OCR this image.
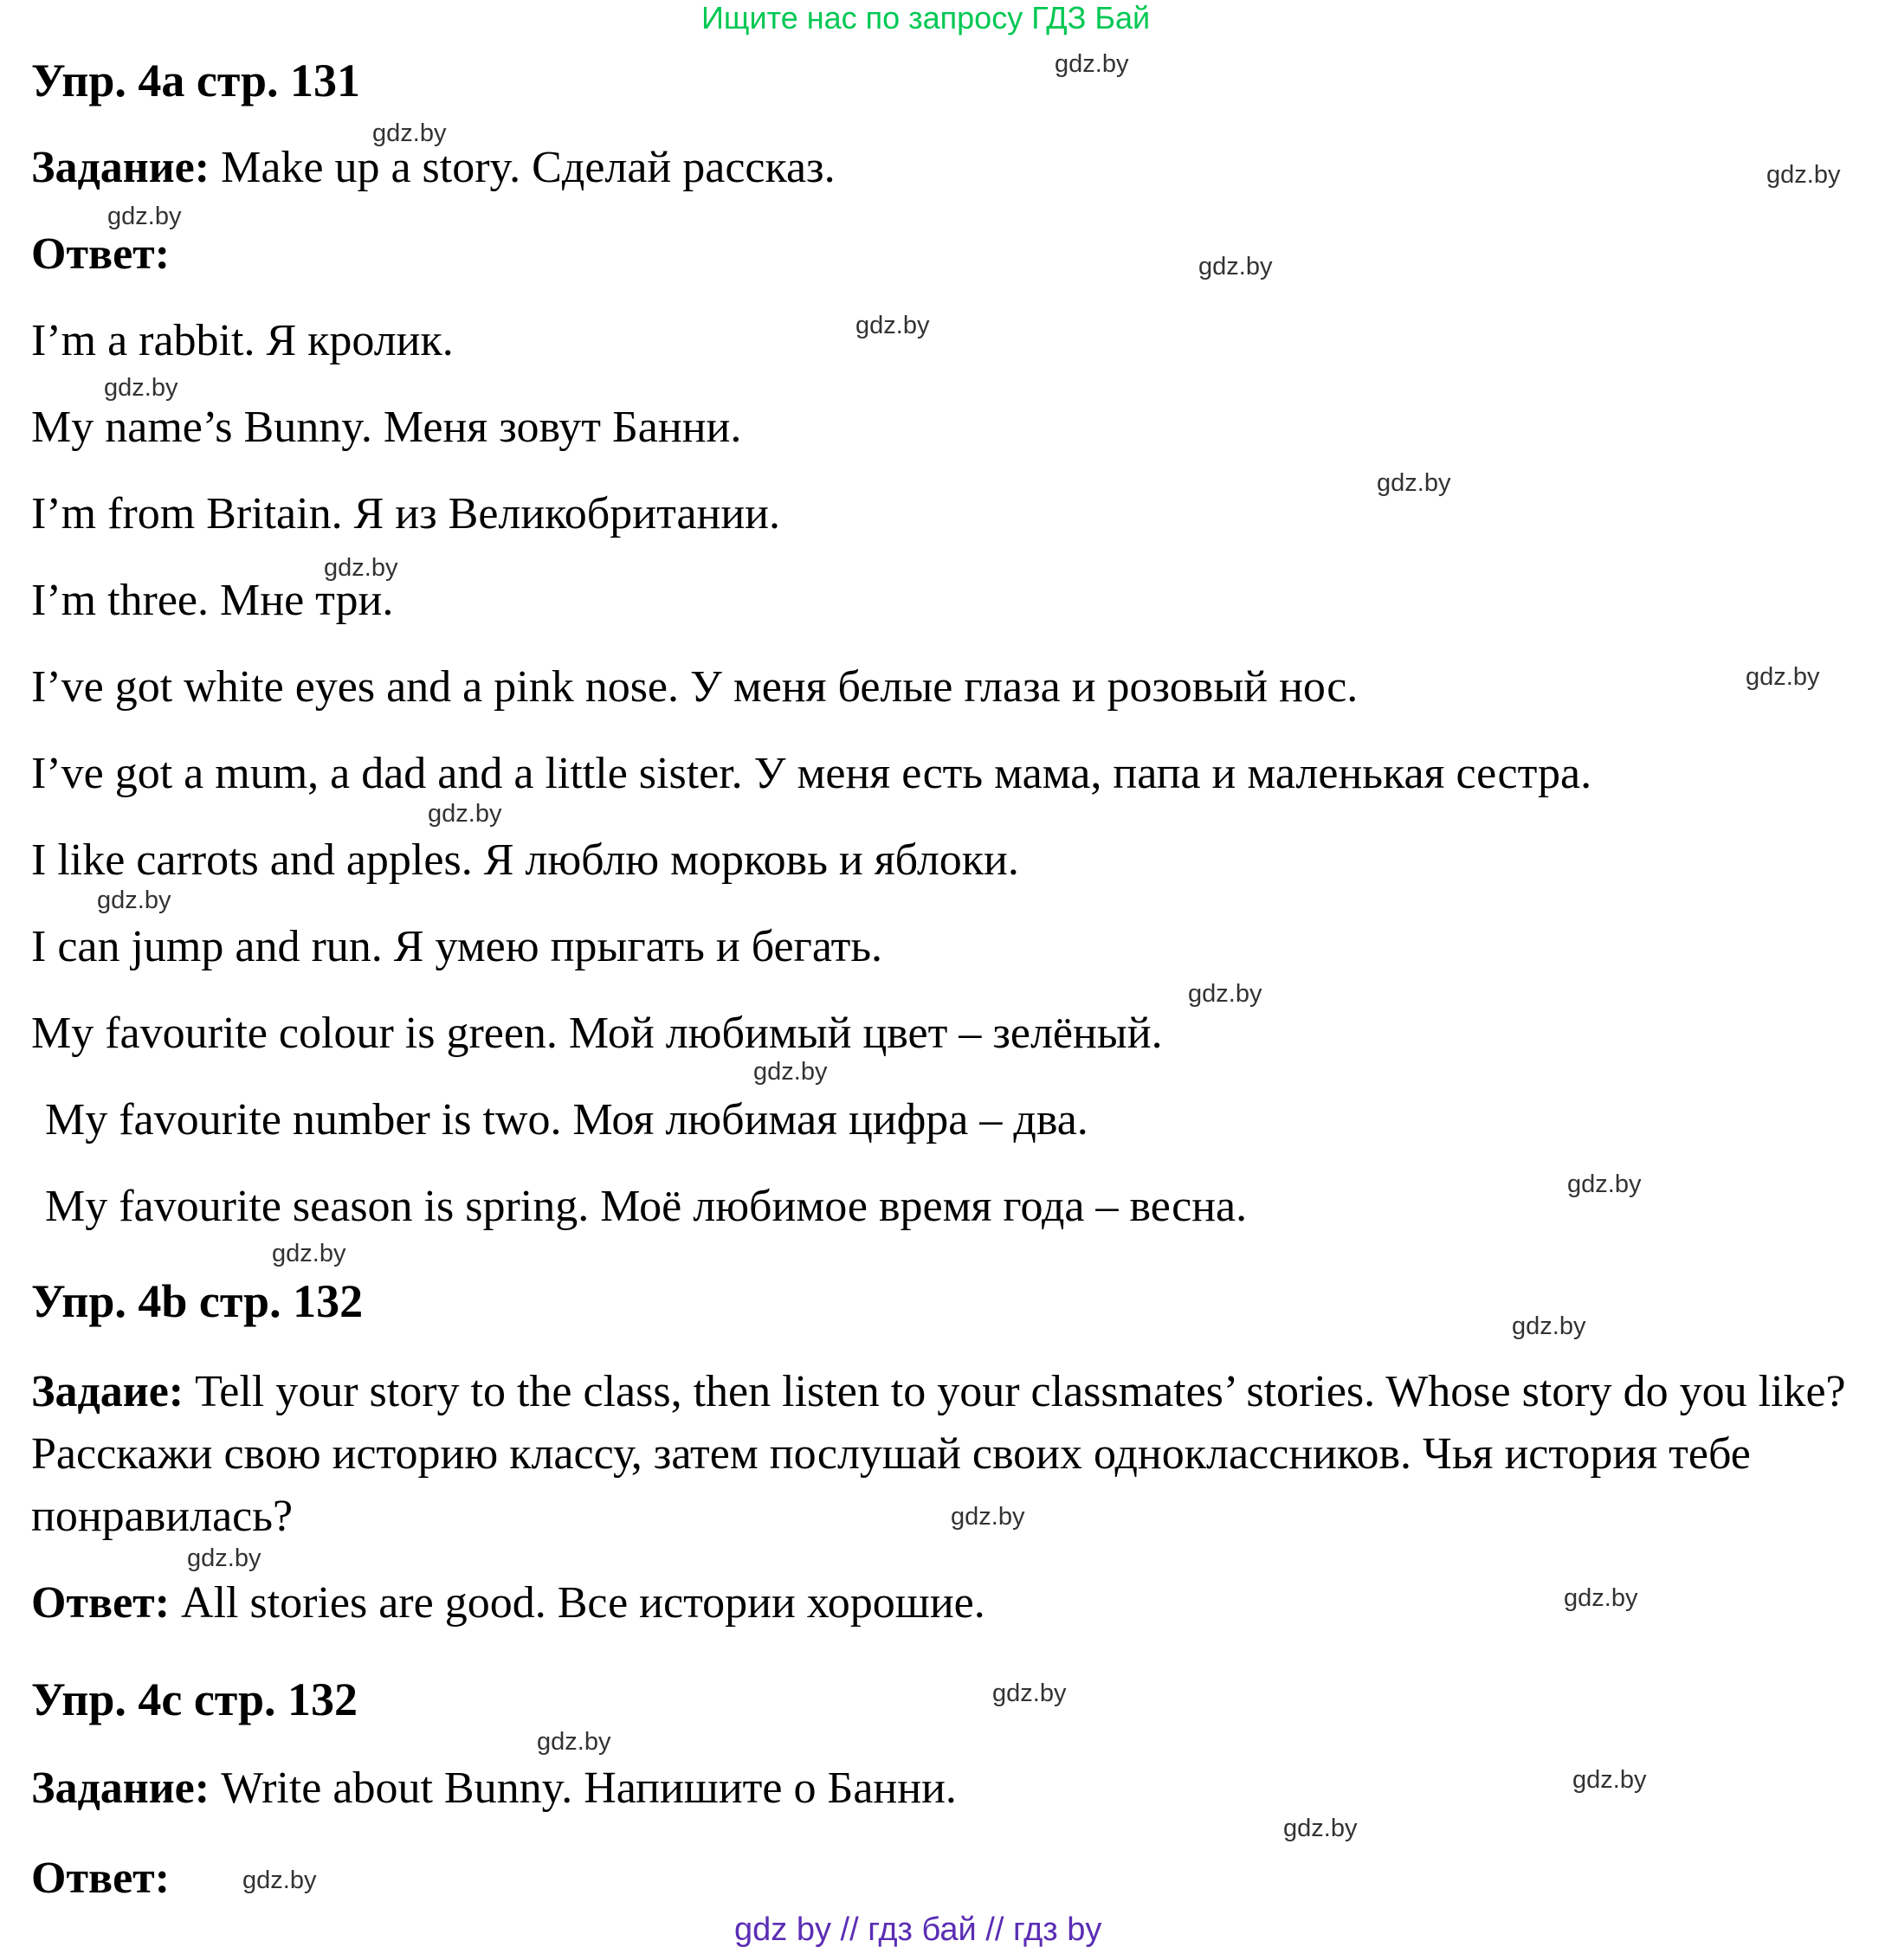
Ищите нас по запросу ГДЗ Бай
Упр. 4a стр. 131
Задание: Make up a story. Сделай рассказ.
Ответ:
I’m a rabbit. Я кролик.
My name’s Bunny. Меня зовут Банни.
I’m from Britain. Я из Великобритании.
I’m three. Мне три.
I’ve got white eyes and a pink nose. У меня белые глаза и розовый нос.
I’ve got a mum, a dad and a little sister. У меня есть мама, папа и маленькая сестра.
I like carrots and apples. Я люблю морковь и яблоки.
I can jump and run. Я умею прыгать и бегать.
My favourite colour is green. Мой любимый цвет – зелёный.
My favourite number is two. Моя любимая цифра – два.
My favourite season is spring. Моё любимое время года – весна.
Упр. 4b стр. 132
Задаие: Tell your story to the class, then listen to your classmates’ stories. Whose story do you like? Расскажи свою историю классу, затем послушай своих одноклассников. Чья история тебе понравилась?
Ответ: All stories are good. Все истории хорошие.
Упр. 4c стр. 132
Задание: Write about Bunny. Напишите о Банни.
Ответ:
gdz.by
gdz.by
gdz.by
gdz.by
gdz.by
gdz.by
gdz.by
gdz.by
gdz.by
gdz.by
gdz.by
gdz.by
gdz.by
gdz.by
gdz.by
gdz.by
gdz.by
gdz.by
gdz.by
gdz.by
gdz.by
gdz.by
gdz.by
gdz.by
gdz.by
gdz by // гдз бай // гдз by
